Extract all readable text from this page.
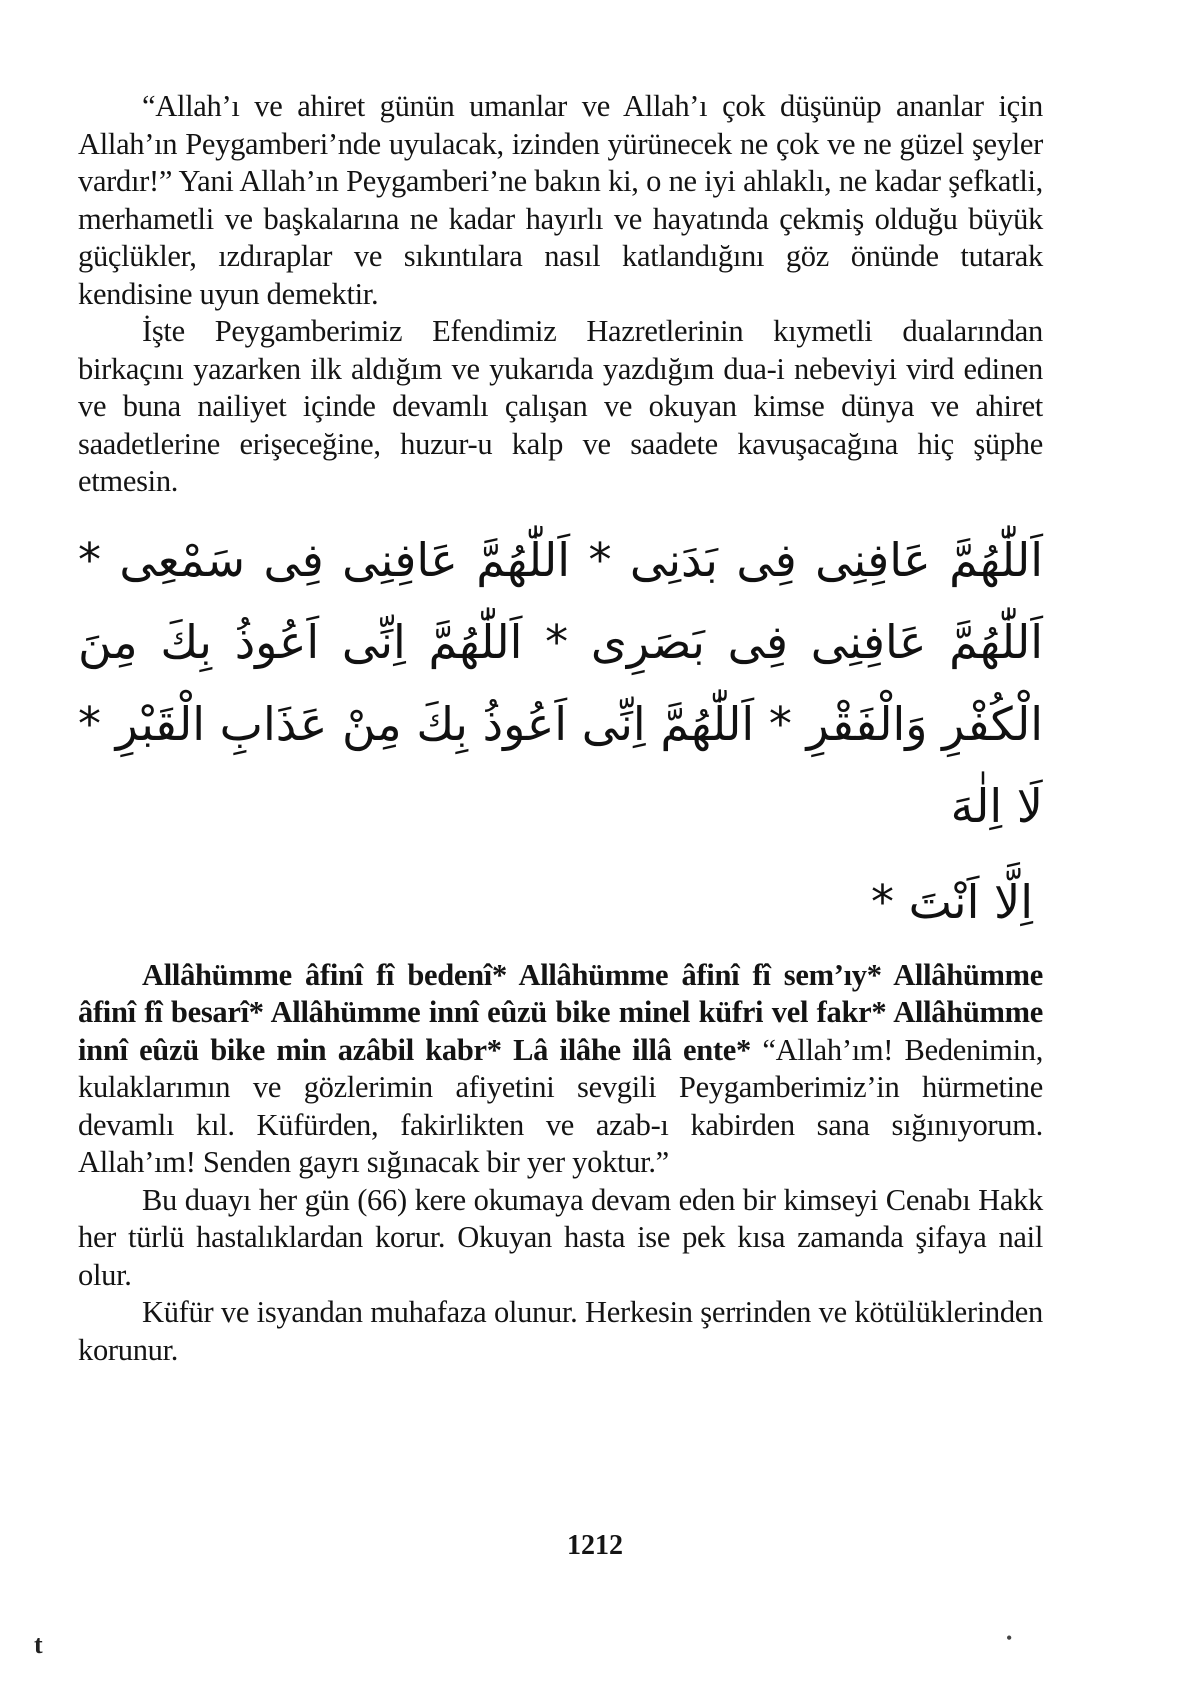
“Allah’ı ve ahiret günün umanlar ve Allah’ı çok düşünüp ananlar için Allah’ın Peygamberi’nde uyulacak, izinden yürünecek ne çok ve ne güzel şeyler vardır!” Yani Allah’ın Peygamberi’ne bakın ki, o ne iyi ahlaklı, ne kadar şefkatli, merhametli ve başkalarına ne kadar hayırlı ve hayatında çekmiş olduğu büyük güçlükler, ızdıraplar ve sıkıntılara nasıl katlandığını göz önünde tutarak kendisine uyun demektir.

İşte Peygamberimiz Efendimiz Hazretlerinin kıymetli dualarından birkaçını yazarken ilk aldığım ve yukarıda yazdığım dua-i nebeviyi vird edinen ve buna nailiyet içinde devamlı çalışan ve okuyan kimse dünya ve ahiret saadetlerine erişeceğine, huzur-u kalp ve saadete kavuşacağına hiç şüphe etmesin.

اَللّٰهُمَّ عَافِنِى فِى بَدَنِى * اَللّٰهُمَّ عَافِنِى فِى سَمْعِى * اَللّٰهُمَّ عَافِنِى فِى بَصَرِى * اَللّٰهُمَّ اِنِّى اَعُوذُ بِكَ مِنَ الْكُفْرِ وَالْفَقْرِ * اَللّٰهُمَّ اِنِّى اَعُوذُ بِكَ مِنْ عَذَابِ الْقَبْرِ * لَا اِلٰهَ
اِلَّا اَنْتَ *

Allâhümme âfinî fî bedenî* Allâhümme âfinî fî sem’ıy* Allâhümme âfinî fî besarî* Allâhümme innî eûzü bike minel küfri vel fakr* Allâhümme innî eûzü bike min azâbil kabr* Lâ ilâhe illâ ente* “Allah’ım! Bedenimin, kulaklarımın ve gözlerimin afiyetini sevgili Peygamberimiz’in hürmetine devamlı kıl. Küfürden, fakirlikten ve azab-ı kabirden sana sığınıyorum. Allah’ım! Senden gayrı sığınacak bir yer yoktur.”

Bu duayı her gün (66) kere okumaya devam eden bir kimseyi Cenabı Hakk her türlü hastalıklardan korur. Okuyan hasta ise pek kısa zamanda şifaya nail olur.

Küfür ve isyandan muhafaza olunur. Herkesin şerrinden ve kötülüklerinden korunur.

1212
t	•
